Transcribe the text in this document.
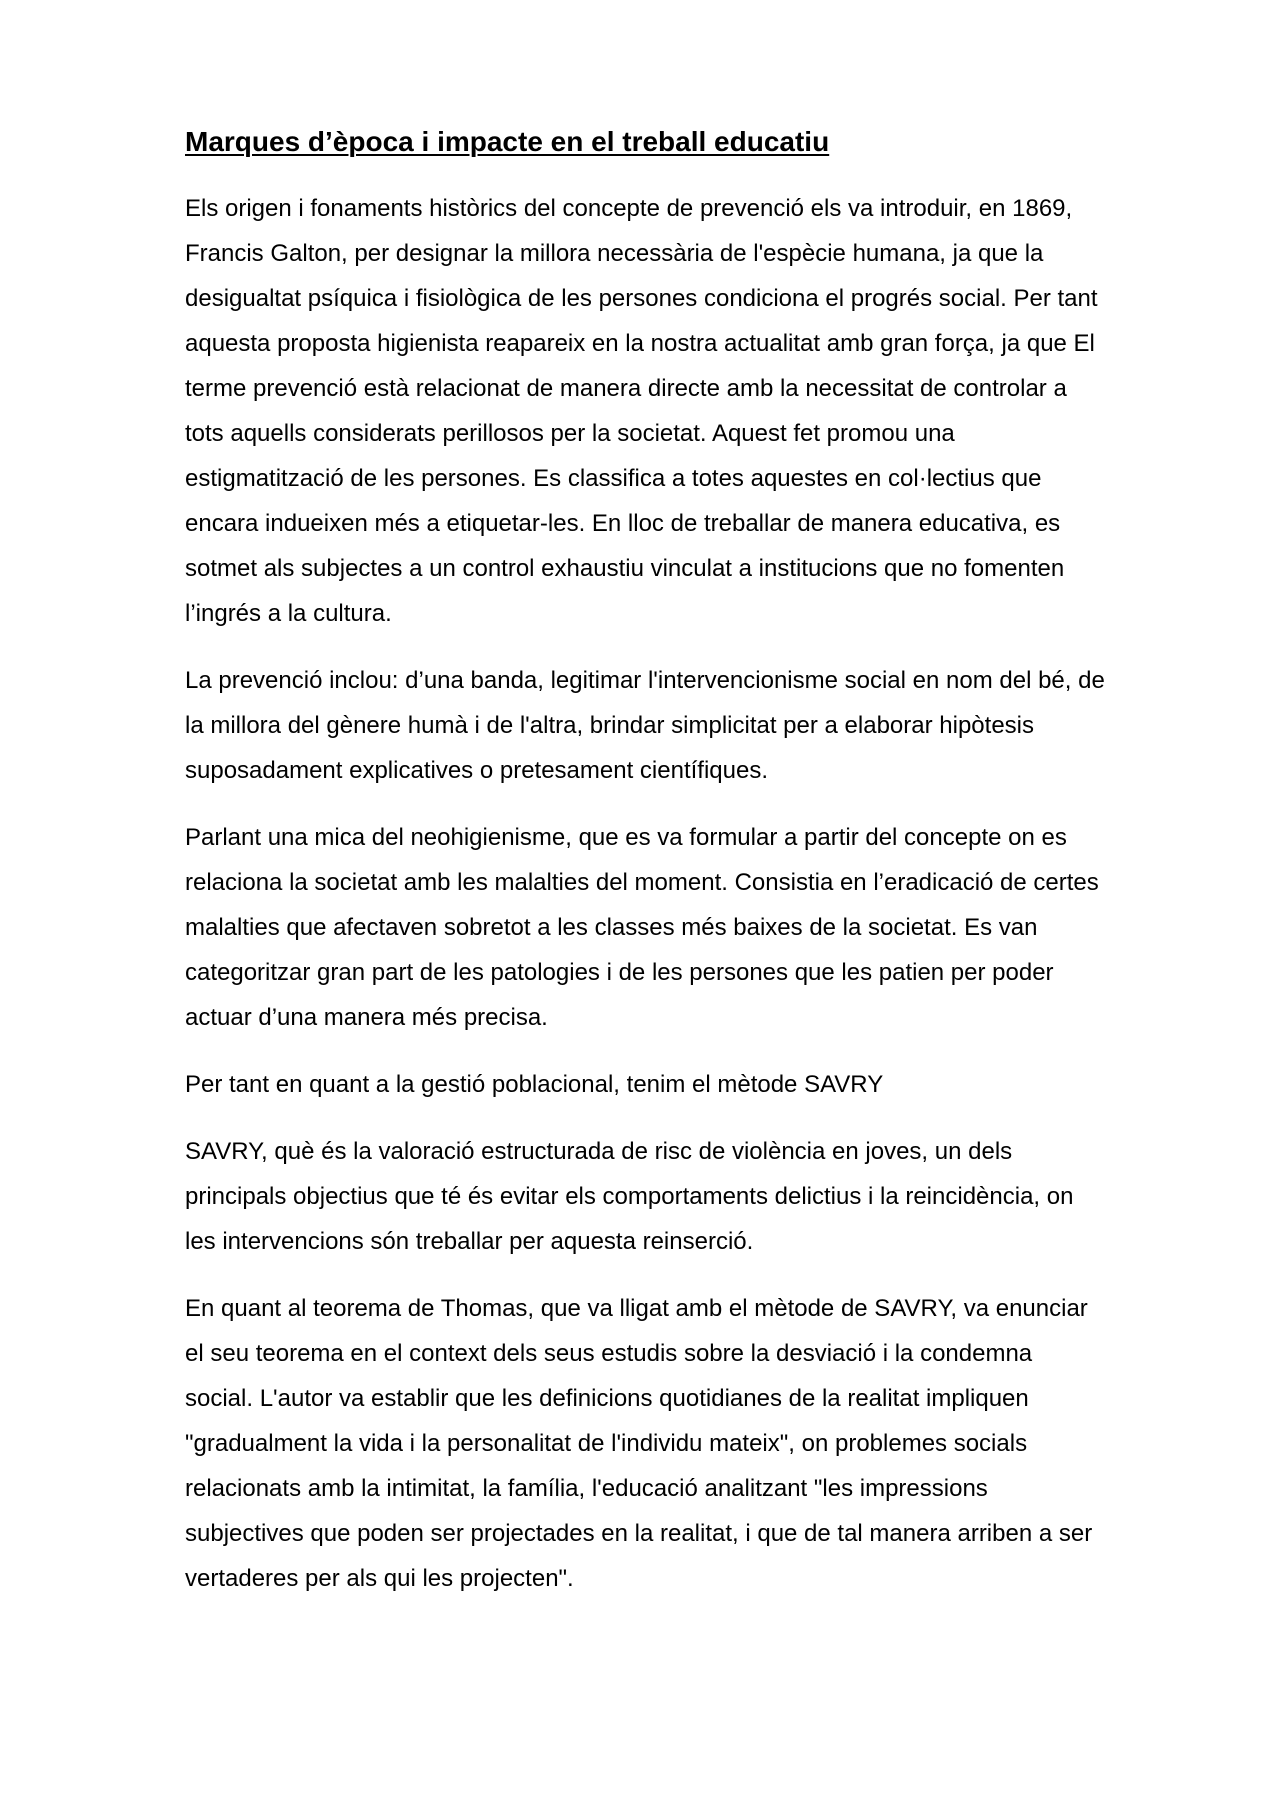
Marques d’època i impacte en el treball educatiu

Els origen i fonaments històrics del concepte de prevenció els va introduir, en 1869, Francis Galton, per designar la millora necessària de l'espècie humana, ja que la desigualtat psíquica i fisiològica de les persones condiciona el progrés social. Per tant aquesta proposta higienista reapareix en la nostra actualitat amb gran força, ja que El terme prevenció està relacionat de manera directe amb la necessitat de controlar a tots aquells considerats perillosos per la societat. Aquest fet promou una estigmatització de les persones. Es classifica a totes aquestes en col·lectius que encara indueixen més a etiquetar-les. En lloc de treballar de manera educativa, es sotmet als subjectes a un control exhaustiu vinculat a institucions que no fomenten l’ingrés a la cultura.

La prevenció inclou: d’una banda, legitimar l'intervencionisme social en nom del bé, de la millora del gènere humà i de l'altra, brindar simplicitat per a elaborar hipòtesis suposadament explicatives o pretesament científiques.

Parlant una mica del neohigienisme, que es va formular a partir del concepte on es relaciona la societat amb les malalties del moment. Consistia en l’eradicació de certes malalties que afectaven sobretot a les classes més baixes de la societat. Es van categoritzar gran part de les patologies i de les persones que les patien per poder actuar d’una manera més precisa.

Per tant en quant a la gestió poblacional, tenim el mètode SAVRY

SAVRY, què és la valoració estructurada de risc de violència en joves, un dels principals objectius que té és evitar els comportaments delictius i la reincidència, on les intervencions són treballar per aquesta reinserció.

En quant al teorema de Thomas, que va lligat amb el mètode de SAVRY, va enunciar el seu teorema en el context dels seus estudis sobre la desviació i la condemna social. L'autor va establir que les definicions quotidianes de la realitat impliquen "gradualment la vida i la personalitat de l'individu mateix", on problemes socials relacionats amb la intimitat, la família, l'educació analitzant "les impressions subjectives que poden ser projectades en la realitat, i que de tal manera arriben a ser vertaderes per als qui les projecten".
